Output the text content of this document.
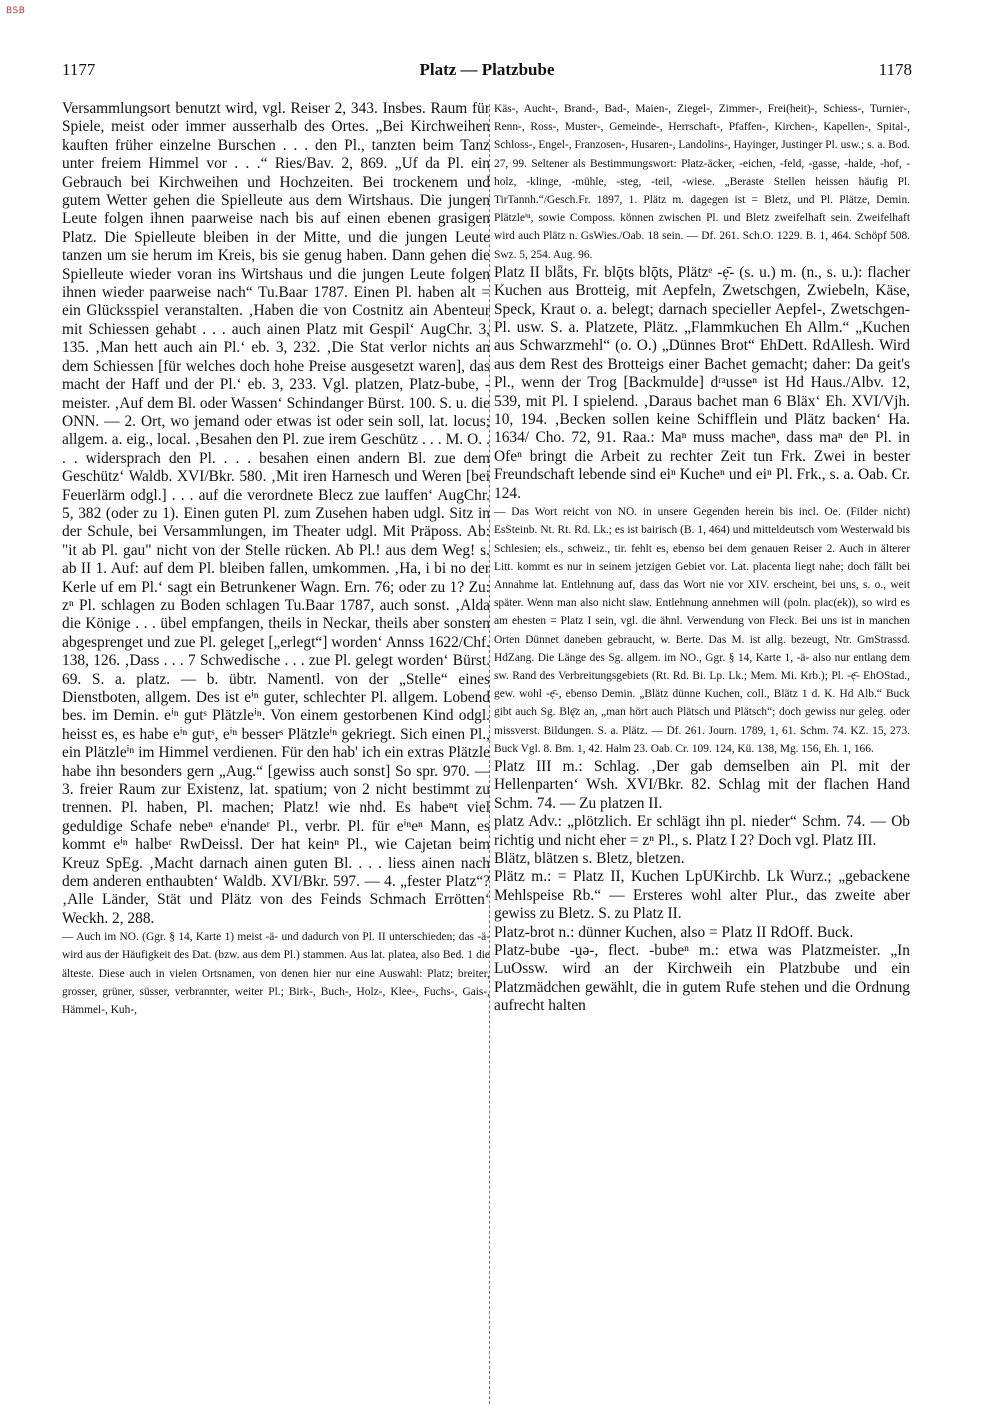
BSB
1177	Platz — Platzbube	1178

Versammlungsort benutzt wird, vgl. Reiser 2, 343. Insbes. Raum für Spiele, meist oder immer ausserhalb des Ortes. „Bei Kirchweihen kauften früher einzelne Burschen . . . den Pl., tanzten beim Tanz unter freiem Himmel vor . . .“ Ries/Bav. 2, 869. „Uf da Pl. ein Gebrauch bei Kirchweihen und Hochzeiten. Bei trockenem und gutem Wetter gehen die Spielleute aus dem Wirtshaus. Die jungen Leute folgen ihnen paarweise nach bis auf einen ebenen grasigen Platz. Die Spielleute bleiben in der Mitte, und die jungen Leute tanzen um sie herum im Kreis, bis sie genug haben. Dann gehen die Spielleute wieder voran ins Wirtshaus und die jungen Leute folgen ihnen wieder paarweise nach“ Tu.Baar 1787. Einen Pl. haben alt = ein Glücksspiel veranstalten. ‚Haben die von Costnitz ain Abenteur mit Schiessen gehabt . . . auch ainen Platz mit Gespil‘ AugChr. 3, 135. ‚Man hett auch ain Pl.‘ eb. 3, 232. ‚Die Stat verlor nichts an dem Schiessen [für welches doch hohe Preise ausgesetzt waren], das macht der Haff und der Pl.‘ eb. 3, 233. Vgl. platzen, Platz-bube, -meister. ‚Auf dem Bl. oder Wassen‘ Schindanger Bürst. 100. S. u. die ONN. — 2. Ort, wo jemand oder etwas ist oder sein soll, lat. locus; allgem. a. eig., local. ‚Besahen den Pl. zue irem Geschütz . . . M. O. . . . widersprach den Pl. . . . besahen einen andern Bl. zue dem Geschütz‘ Waldb. XVI/Bkr. 580. ‚Mit iren Harnesch und Weren [bei Feuerlärm odgl.] . . . auf die verordnete Blecz zue lauffen‘ AugChr. 5, 382 (oder zu 1). Einen guten Pl. zum Zusehen haben udgl. Sitz in der Schule, bei Versammlungen, im Theater udgl. Mit Präposs. Ab: "it ab Pl. gau" nicht von der Stelle rücken. Ab Pl.! aus dem Weg! s. ab II 1. Auf: auf dem Pl. bleiben fallen, umkommen. ‚Ha, i bi no der Kerle uf em Pl.‘ sagt ein Betrunkener Wagn. Ern. 76; oder zu 1? Zu: zⁿ Pl. schlagen zu Boden schlagen Tu.Baar 1787, auch sonst. ‚Alda die Könige . . . übel empfangen, theils in Neckar, theils aber sonsten abgesprenget und zue Pl. geleget [„erlegt“] worden‘ Annss 1622/Chf. 138, 126. ‚Dass . . . 7 Schwedische . . . zue Pl. gelegt worden‘ Bürst. 69. S. a. platz. — b. übtr. Namentl. von der „Stelle“ eines Dienstboten, allgem. Des ist eⁱⁿ guter, schlechter Pl. allgem. Lobend bes. im Demin. eⁱⁿ gutˢ Plätzleⁱⁿ. Von einem gestorbenen Kind odgl. heisst es, es habe eⁱⁿ gutˢ, eⁱⁿ besserˢ Plätzleⁱⁿ gekriegt. Sich einen Pl., ein Plätzleⁱⁿ im Himmel verdienen. Für den hab' ich ein extras Plätzle habe ihn besonders gern „Aug.“ [gewiss auch sonst] So spr. 970. — 3. freier Raum zur Existenz, lat. spatium; von 2 nicht bestimmt zu trennen. Pl. haben, Pl. machen; Platz! wie nhd. Es habeⁿt viel geduldige Schafe nebeⁿ eⁱnandeʳ Pl., verbr. Pl. für eⁱⁿeⁿ Mann, es kommt eⁱⁿ halbeʳ RwDeissl. Der hat keinⁿ Pl., wie Cajetan beim Kreuz SpEg. ‚Macht darnach ainen guten Bl. . . . liess ainen nach dem anderen enthaubten‘ Waldb. XVI/Bkr. 597. — 4. „fester Platz“? ‚Alle Länder, Stät und Plätz von des Feinds Schmach Errötten‘ Weckh. 2, 288.

— Auch im NO. (Ggr. § 14, Karte 1) meist -ä- und dadurch von Pl. II unterschieden; das -ä- wird aus der Häufigkeit des Dat. (bzw. aus dem Pl.) stammen. Aus lat. platea, also Bed. 1 die älteste. Diese auch in vielen Ortsnamen, von denen hier nur eine Auswahl: Platz; breiter, grosser, grüner, süsser, verbrannter, weiter Pl.; Birk-, Buch-, Holz-, Klee-, Fuchs-, Gais-, Hämmel-, Kuh-,

Käs-, Aucht-, Brand-, Bad-, Maien-, Ziegel-, Zimmer-, Frei(heit)-, Schiess-, Turnier-, Renn-, Ross-, Muster-, Gemeinde-, Herrschaft-, Pfaffen-, Kirchen-, Kapellen-, Spital-, Schloss-, Engel-, Franzosen-, Husaren-, Landolins-, Hayinger, Justinger Pl. usw.; s. a. Bod. 27, 99. Seltener als Bestimmungswort: Platz-äcker, -eichen, -feld, -gasse, -halde, -hof, -holz, -klinge, -mühle, -steg, -teil, -wiese. „Beraste Stellen heissen häufig Pl. TirTannh.“/Gesch.Fr. 1897, 1. Plätz m. dagegen ist = Bletz, und Pl. Plätze, Demin. Plätzleⁱⁿ, sowie Composs. können zwischen Pl. und Bletz zweifelhaft sein. Zweifelhaft wird auch Plätz n. GsWies./Oab. 18 sein. — Df. 261. Sch.O. 1229. B. 1, 464. Schöpf 508. Swz. 5, 254. Aug. 96.

Platz II blǟts, Fr. blǭts blǭts, Plätzᵉ -ẹ̄- (s. u.) m. (n., s. u.): flacher Kuchen aus Brotteig, mit Aepfeln, Zwetschgen, Zwiebeln, Käse, Speck, Kraut o. a. belegt; darnach specieller Aepfel-, Zwetschgen-Pl. usw. S. a. Platzete, Plätz. „Flammkuchen Eh Allm.“ „Kuchen aus Schwarzmehl“ (o. O.) „Dünnes Brot“ EhDett. RdAllesh. Wird aus dem Rest des Brotteigs einer Bachet gemacht; daher: Da geit's Pl., wenn der Trog [Backmulde] dʳᵃusseⁿ ist Hd Haus./Albv. 12, 539, mit Pl. I spielend. ‚Daraus bachet man 6 Bläx‘ Eh. XVI/Vjh. 10, 194. ‚Becken sollen keine Schifflein und Plätz backen‘ Ha. 1634/ Cho. 72, 91. Raa.: Maⁿ muss macheⁿ, dass maⁿ deⁿ Pl. in Ofeⁿ bringt die Arbeit zu rechter Zeit tun Frk. Zwei in bester Freundschaft lebende sind eiⁿ Kucheⁿ und eiⁿ Pl. Frk., s. a. Oab. Cr. 124.

— Das Wort reicht von NO. in unsere Gegenden herein bis incl. Oe. (Filder nicht) EsSteinb. Nt. Rt. Rd. Lk.; es ist bairisch (B. 1, 464) und mitteldeutsch vom Westerwald bis Schlesien; els., schweiz., tir. fehlt es, ebenso bei dem genauen Reiser 2. Auch in älterer Litt. kommt es nur in seinem jetzigen Gebiet vor. Lat. placenta liegt nahe; doch fällt bei Annahme lat. Entlehnung auf, dass das Wort nie vor XIV. erscheint, bei uns, s. o., weit später. Wenn man also nicht slaw. Entlehnung annehmen will (poln. plac(ek)), so wird es am ehesten = Platz I sein, vgl. die ähnl. Verwendung von Fleck. Bei uns ist in manchen Orten Dünnet daneben gebraucht, w. Berte. Das M. ist allg. bezeugt, Ntr. GmStrassd. HdZang. Die Länge des Sg. allgem. im NO., Ggr. § 14, Karte 1, -ä- also nur entlang dem sw. Rand des Verbreitungsgebiets (Rt. Rd. Bi. Lp. Lk.; Mem. Mi. Krb.); Pl. -ẹ̄- EhOStad., gew. wohl -ẹ̄-, ebenso Demin. „Blätz dünne Kuchen, coll., Blätz 1 d. K. Hd Alb.“ Buck gibt auch Sg. Blę̄z an, „man hört auch Plätsch und Plätsch“; doch gewiss nur geleg. oder missverst. Bildungen. S. a. Plätz. — Df. 261. Journ. 1789, 1, 61. Schm. 74. KZ. 15, 273. Buck Vgl. 8. Bm. 1, 42. Halm 23. Oab. Cr. 109. 124, Kü. 138, Mg. 156, Eh. 1, 166.

Platz III m.: Schlag. ‚Der gab demselben ain Pl. mit der Hellenparten‘ Wsh. XVI/Bkr. 82. Schlag mit der flachen Hand Schm. 74. — Zu platzen II.

platz Adv.: „plötzlich. Er schlägt ihn pl. nieder“ Schm. 74. — Ob richtig und nicht eher = zⁿ Pl., s. Platz I 2? Doch vgl. Platz III.

Blätz, blätzen s. Bletz, bletzen.

Plätz m.: = Platz II, Kuchen LpUKirchb. Lk Wurz.; „gebackene Mehlspeise Rb.“ — Ersteres wohl alter Plur., das zweite aber gewiss zu Bletz. S. zu Platz II.

Platz-brot n.: dünner Kuchen, also = Platz II RdOff. Buck.

Platz-bube -ṷə-, flect. -bubeⁿ m.: etwa was Platzmeister. „In LuOssw. wird an der Kirchweih ein Platzbube und ein Platzmädchen gewählt, die in gutem Rufe stehen und die Ordnung aufrecht halten
